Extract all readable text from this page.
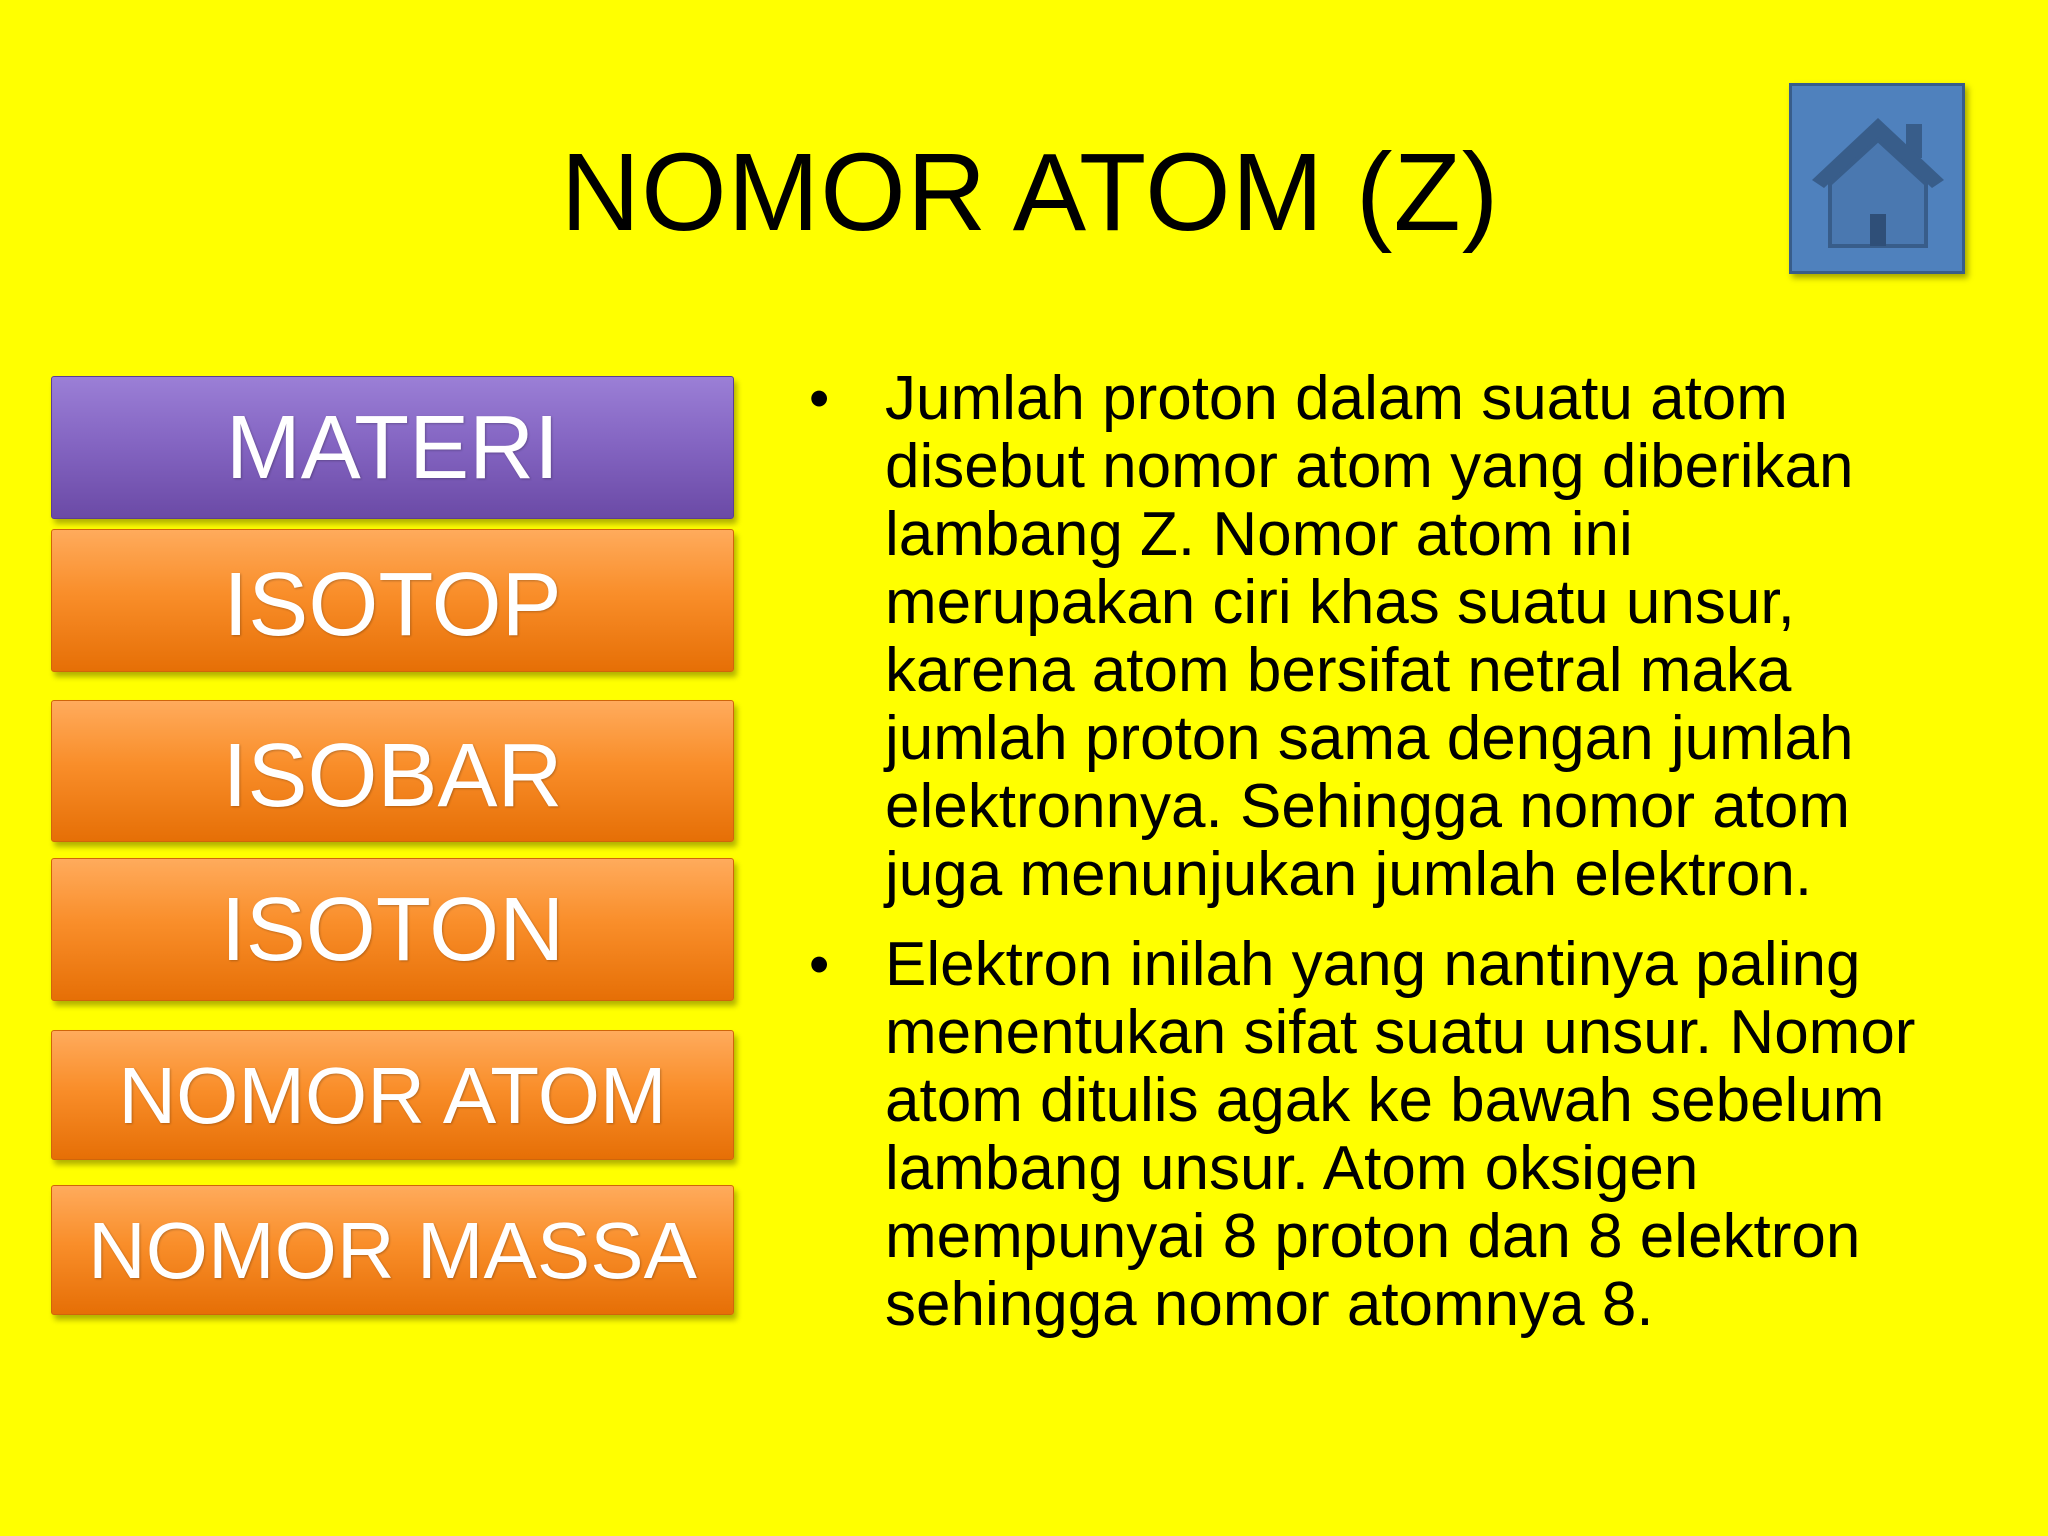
NOMOR ATOM (Z)
MATERI
ISOTOP
ISOBAR
ISOTON
NOMOR ATOM
NOMOR MASSA
• Jumlah proton dalam suatu atom
disebut nomor atom yang diberikan
lambang Z. Nomor atom ini
merupakan ciri khas suatu unsur,
karena atom bersifat netral maka
jumlah proton sama dengan jumlah
elektronnya. Sehingga nomor atom
juga menunjukan jumlah elektron.
• Elektron inilah yang nantinya paling
menentukan sifat suatu unsur. Nomor
atom ditulis agak ke bawah sebelum
lambang unsur. Atom oksigen
mempunyai 8 proton dan 8 elektron
sehingga nomor atomnya 8.
